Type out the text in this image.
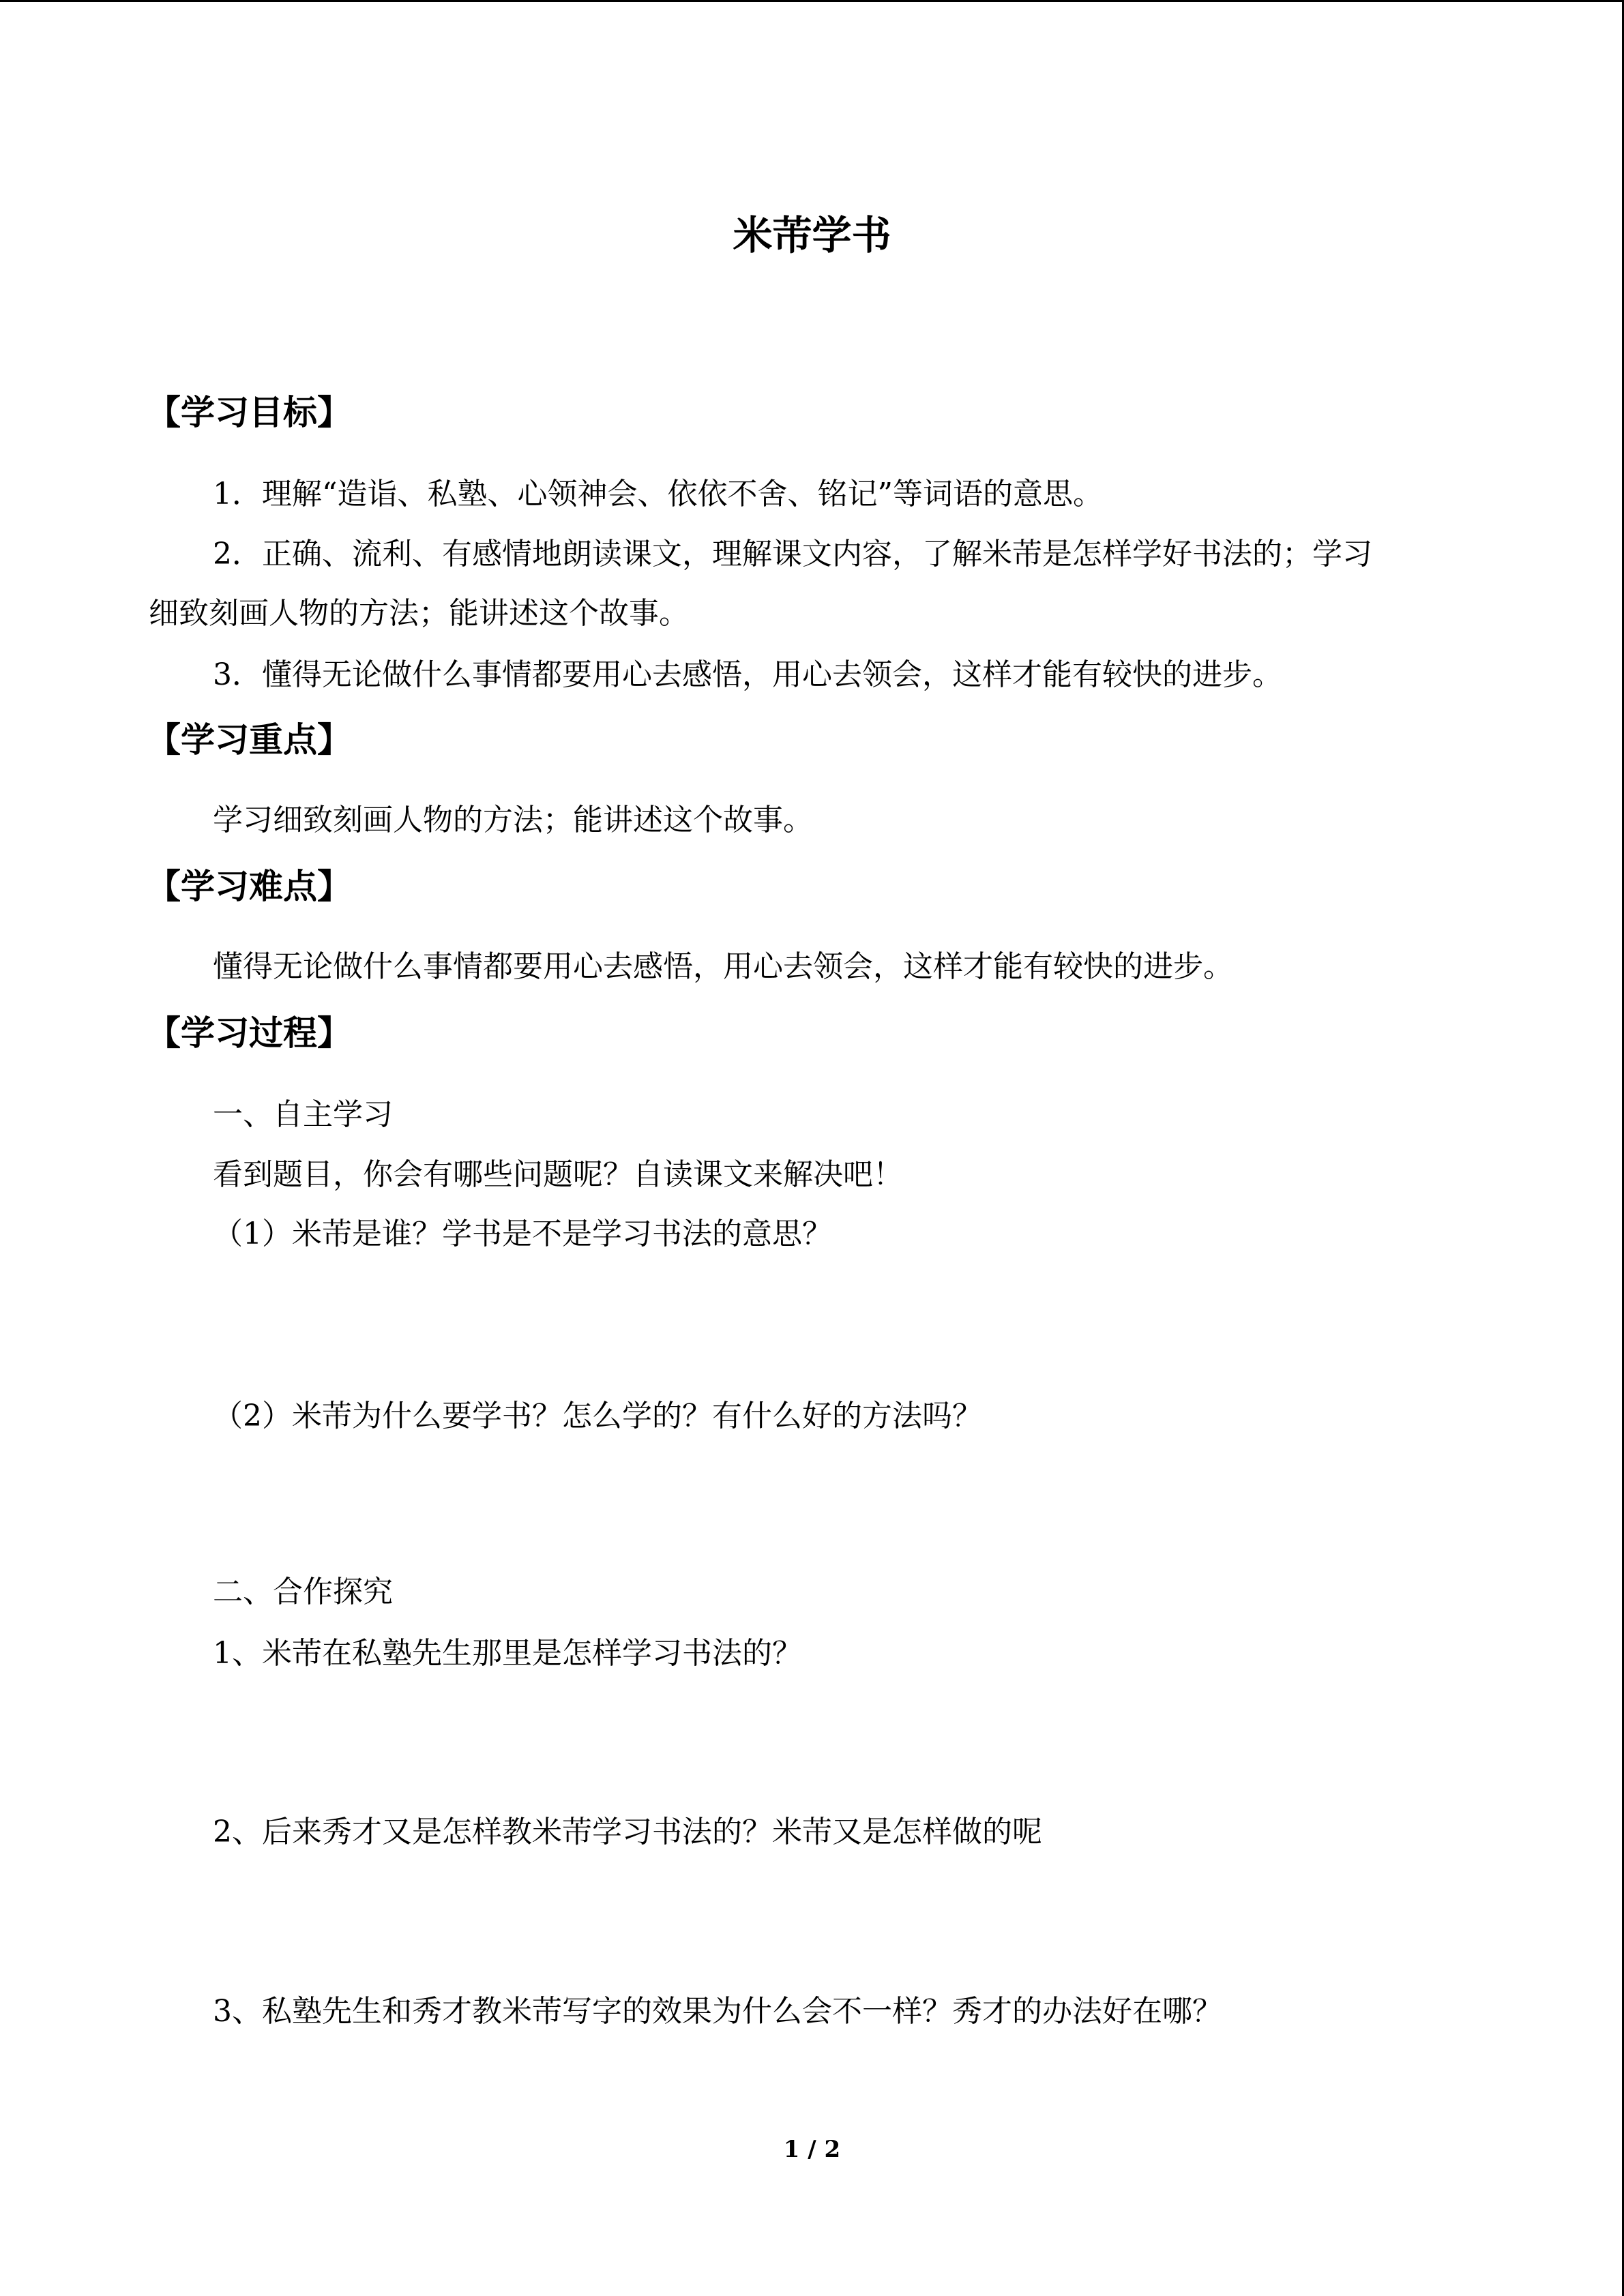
米芾学书
【学习目标】
1．理解“造诣、私塾、心领神会、依依不舍、铭记”等词语的意思。
2．正确、流利、有感情地朗读课文，理解课文内容，了解米芾是怎样学好书法的；学习
细致刻画人物的方法；能讲述这个故事。
3．懂得无论做什么事情都要用心去感悟，用心去领会，这样才能有较快的进步。
【学习重点】
学习细致刻画人物的方法；能讲述这个故事。
【学习难点】
懂得无论做什么事情都要用心去感悟，用心去领会，这样才能有较快的进步。
【学习过程】
一、自主学习
看到题目，你会有哪些问题呢？自读课文来解决吧！
（1）米芾是谁？学书是不是学习书法的意思？
（2）米芾为什么要学书？怎么学的？有什么好的方法吗？
二、合作探究
1、米芾在私塾先生那里是怎样学习书法的？
2、后来秀才又是怎样教米芾学习书法的？米芾又是怎样做的呢
3、私塾先生和秀才教米芾写字的效果为什么会不一样？秀才的办法好在哪？
1 / 2
